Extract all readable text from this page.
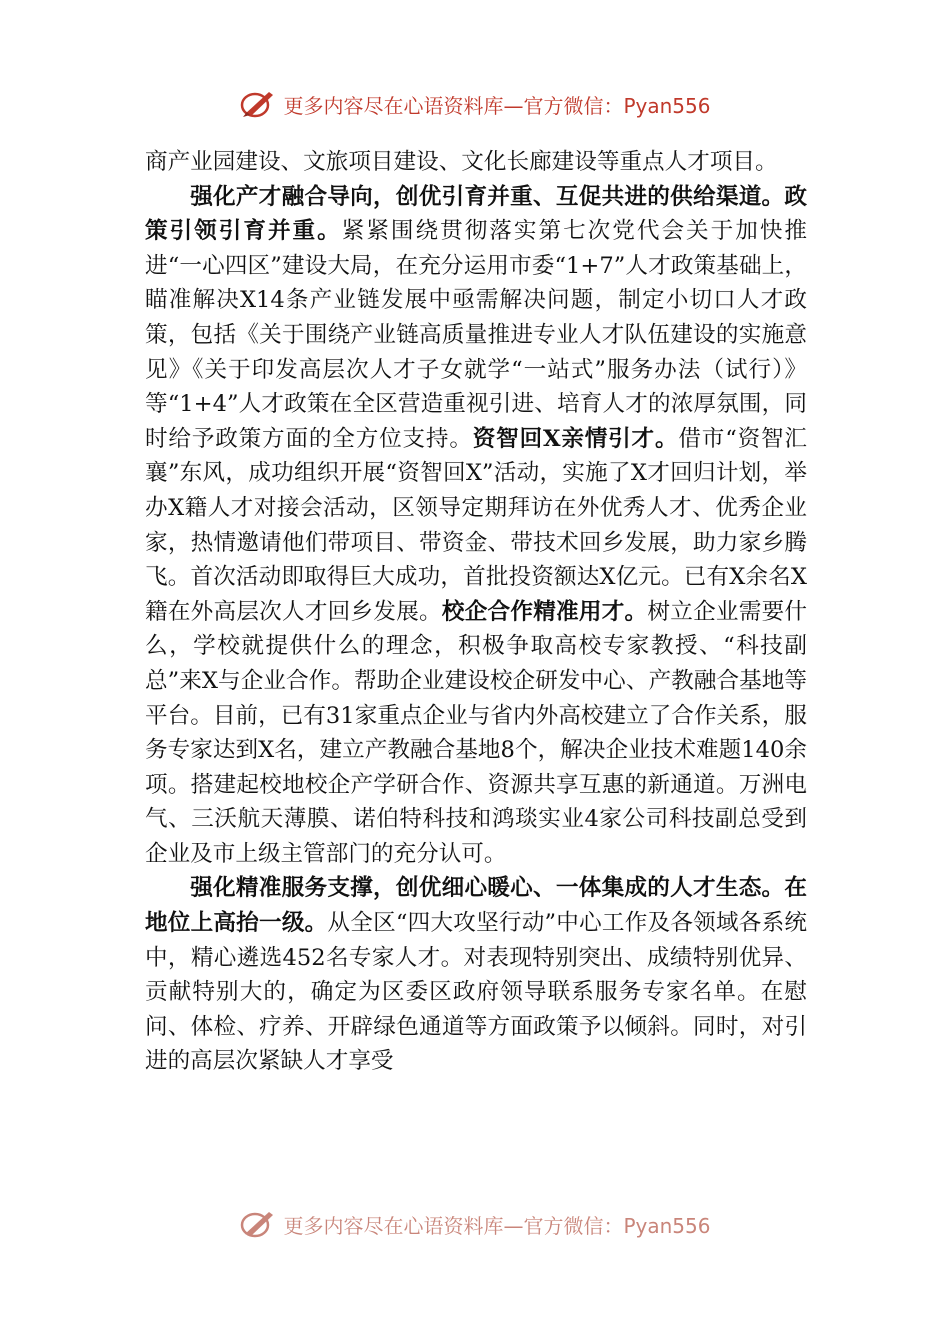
更多内容尽在心语资料库—官方微信：Pyan556

商产业园建设、文旅项目建设、文化长廊建设等重点人才项目。

强化产才融合导向，创优引育并重、互促共进的供给渠道。政策引领引育并重。紧紧围绕贯彻落实第七次党代会关于加快推进“一心四区”建设大局，在充分运用市委“1+7”人才政策基础上，瞄准解决X14条产业链发展中亟需解决问题，制定小切口人才政策，包括《关于围绕产业链高质量推进专业人才队伍建设的实施意见》《关于印发高层次人才子女就学“一站式”服务办法（试行）》等“1+4”人才政策在全区营造重视引进、培育人才的浓厚氛围，同时给予政策方面的全方位支持。资智回X亲情引才。借市“资智汇襄”东风，成功组织开展“资智回X”活动，实施了X才回归计划，举办X籍人才对接会活动，区领导定期拜访在外优秀人才、优秀企业家，热情邀请他们带项目、带资金、带技术回乡发展，助力家乡腾飞。首次活动即取得巨大成功，首批投资额达X亿元。已有X余名X籍在外高层次人才回乡发展。校企合作精准用才。树立企业需要什么，学校就提供什么的理念，积极争取高校专家教授、“科技副总”来X与企业合作。帮助企业建设校企研发中心、产教融合基地等平台。目前，已有31家重点企业与省内外高校建立了合作关系，服务专家达到X名，建立产教融合基地8个，解决企业技术难题140余项。搭建起校地校企产学研合作、资源共享互惠的新通道。万洲电气、三沃航天薄膜、诺伯特科技和鸿琰实业4家公司科技副总受到企业及市上级主管部门的充分认可。

强化精准服务支撑，创优细心暖心、一体集成的人才生态。在地位上高抬一级。从全区“四大攻坚行动”中心工作及各领域各系统中，精心遴选452名专家人才。对表现特别突出、成绩特别优异、贡献特别大的，确定为区委区政府领导联系服务专家名单。在慰问、体检、疗养、开辟绿色通道等方面政策予以倾斜。同时，对引进的高层次紧缺人才享受

更多内容尽在心语资料库—官方微信：Pyan556
